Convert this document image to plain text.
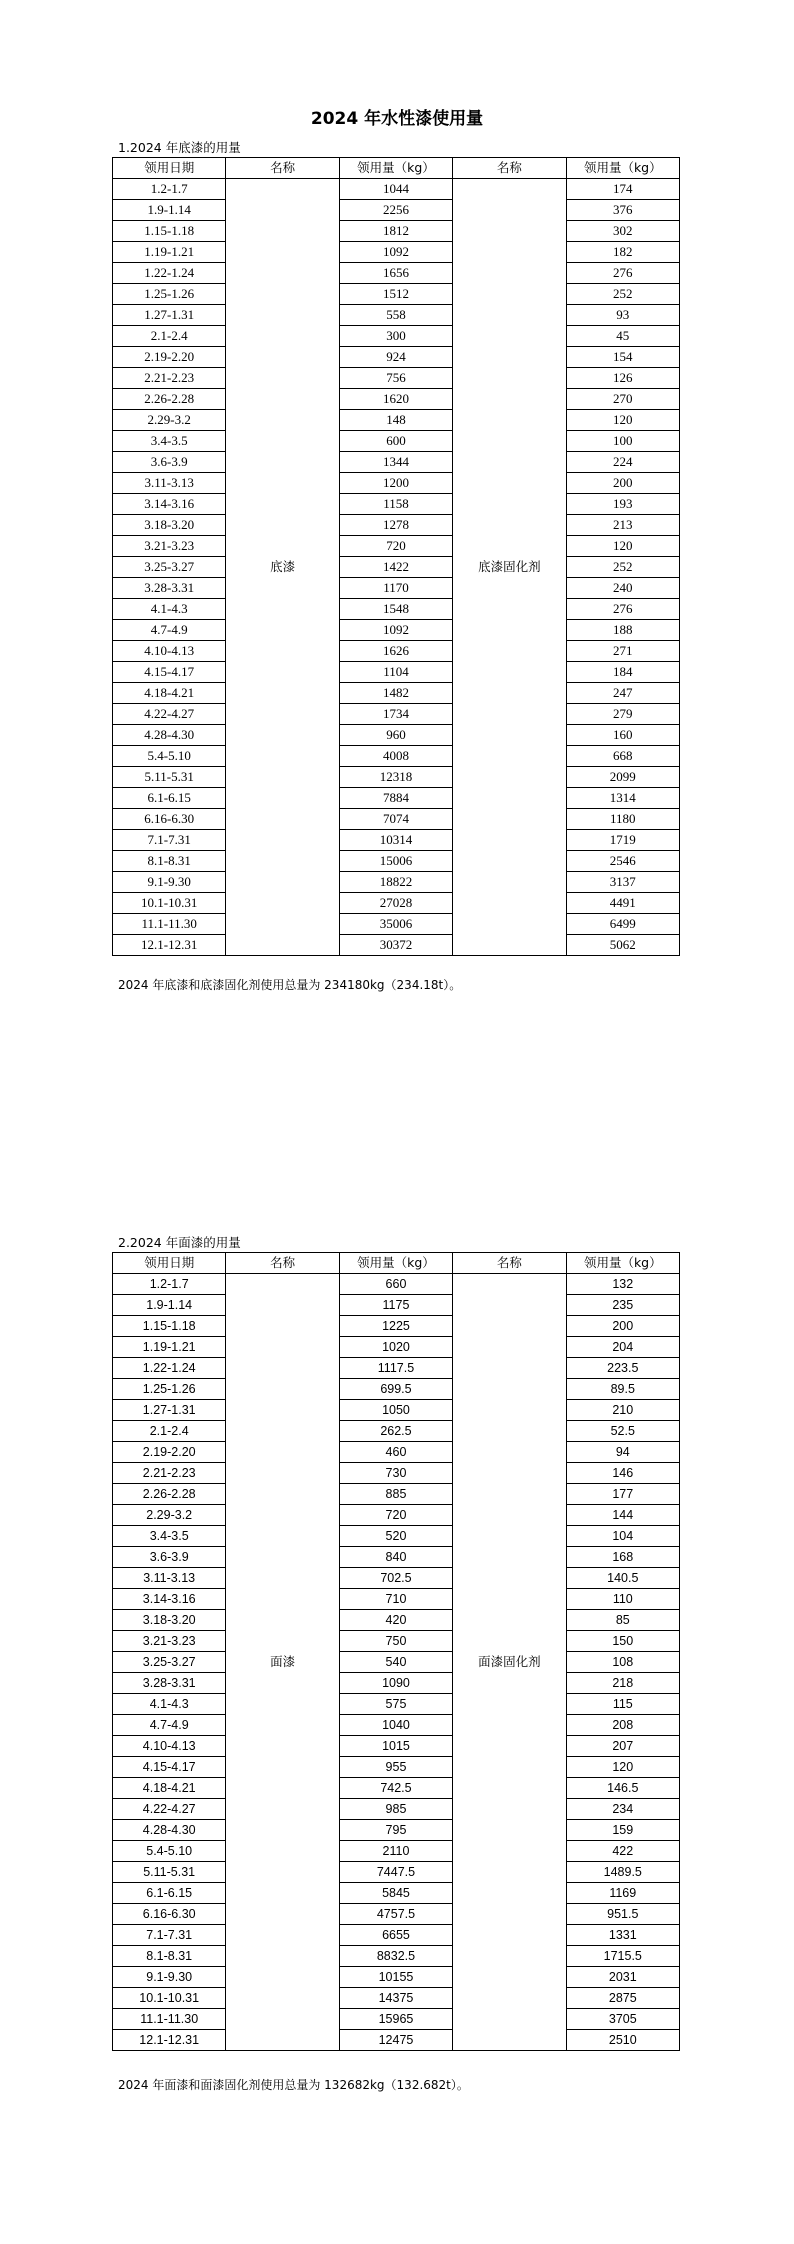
2024 年水性漆使用量
1.2024 年底漆的用量
领用日期	名称	领用量（kg）	名称	领用量（kg）
1.2-1.7	底漆	1044	底漆固化剂	174
1.9-1.14		2256		376
1.15-1.18		1812		302
1.19-1.21		1092		182
1.22-1.24		1656		276
1.25-1.26		1512		252
1.27-1.31		558		93
2.1-2.4		300		45
2.19-2.20		924		154
2.21-2.23		756		126
2.26-2.28		1620		270
2.29-3.2		148		120
3.4-3.5		600		100
3.6-3.9		1344		224
3.11-3.13		1200		200
3.14-3.16		1158		193
3.18-3.20		1278		213
3.21-3.23		720		120
3.25-3.27		1422		252
3.28-3.31		1170		240
4.1-4.3		1548		276
4.7-4.9		1092		188
4.10-4.13		1626		271
4.15-4.17		1104		184
4.18-4.21		1482		247
4.22-4.27		1734		279
4.28-4.30		960		160
5.4-5.10		4008		668
5.11-5.31		12318		2099
6.1-6.15		7884		1314
6.16-6.30		7074		1180
7.1-7.31		10314		1719
8.1-8.31		15006		2546
9.1-9.30		18822		3137
10.1-10.31		27028		4491
11.1-11.30		35006		6499
12.1-12.31		30372		5062
2024 年底漆和底漆固化剂使用总量为 234180kg（234.18t）。
2.2024 年面漆的用量
领用日期	名称	领用量（kg）	名称	领用量（kg）
1.2-1.7	面漆	660	面漆固化剂	132
1.9-1.14		1175		235
1.15-1.18		1225		200
1.19-1.21		1020		204
1.22-1.24		1117.5		223.5
1.25-1.26		699.5		89.5
1.27-1.31		1050		210
2.1-2.4		262.5		52.5
2.19-2.20		460		94
2.21-2.23		730		146
2.26-2.28		885		177
2.29-3.2		720		144
3.4-3.5		520		104
3.6-3.9		840		168
3.11-3.13		702.5		140.5
3.14-3.16		710		110
3.18-3.20		420		85
3.21-3.23		750		150
3.25-3.27		540		108
3.28-3.31		1090		218
4.1-4.3		575		115
4.7-4.9		1040		208
4.10-4.13		1015		207
4.15-4.17		955		120
4.18-4.21		742.5		146.5
4.22-4.27		985		234
4.28-4.30		795		159
5.4-5.10		2110		422
5.11-5.31		7447.5		1489.5
6.1-6.15		5845		1169
6.16-6.30		4757.5		951.5
7.1-7.31		6655		1331
8.1-8.31		8832.5		1715.5
9.1-9.30		10155		2031
10.1-10.31		14375		2875
11.1-11.30		15965		3705
12.1-12.31		12475		2510
2024 年面漆和面漆固化剂使用总量为 132682kg（132.682t）。
